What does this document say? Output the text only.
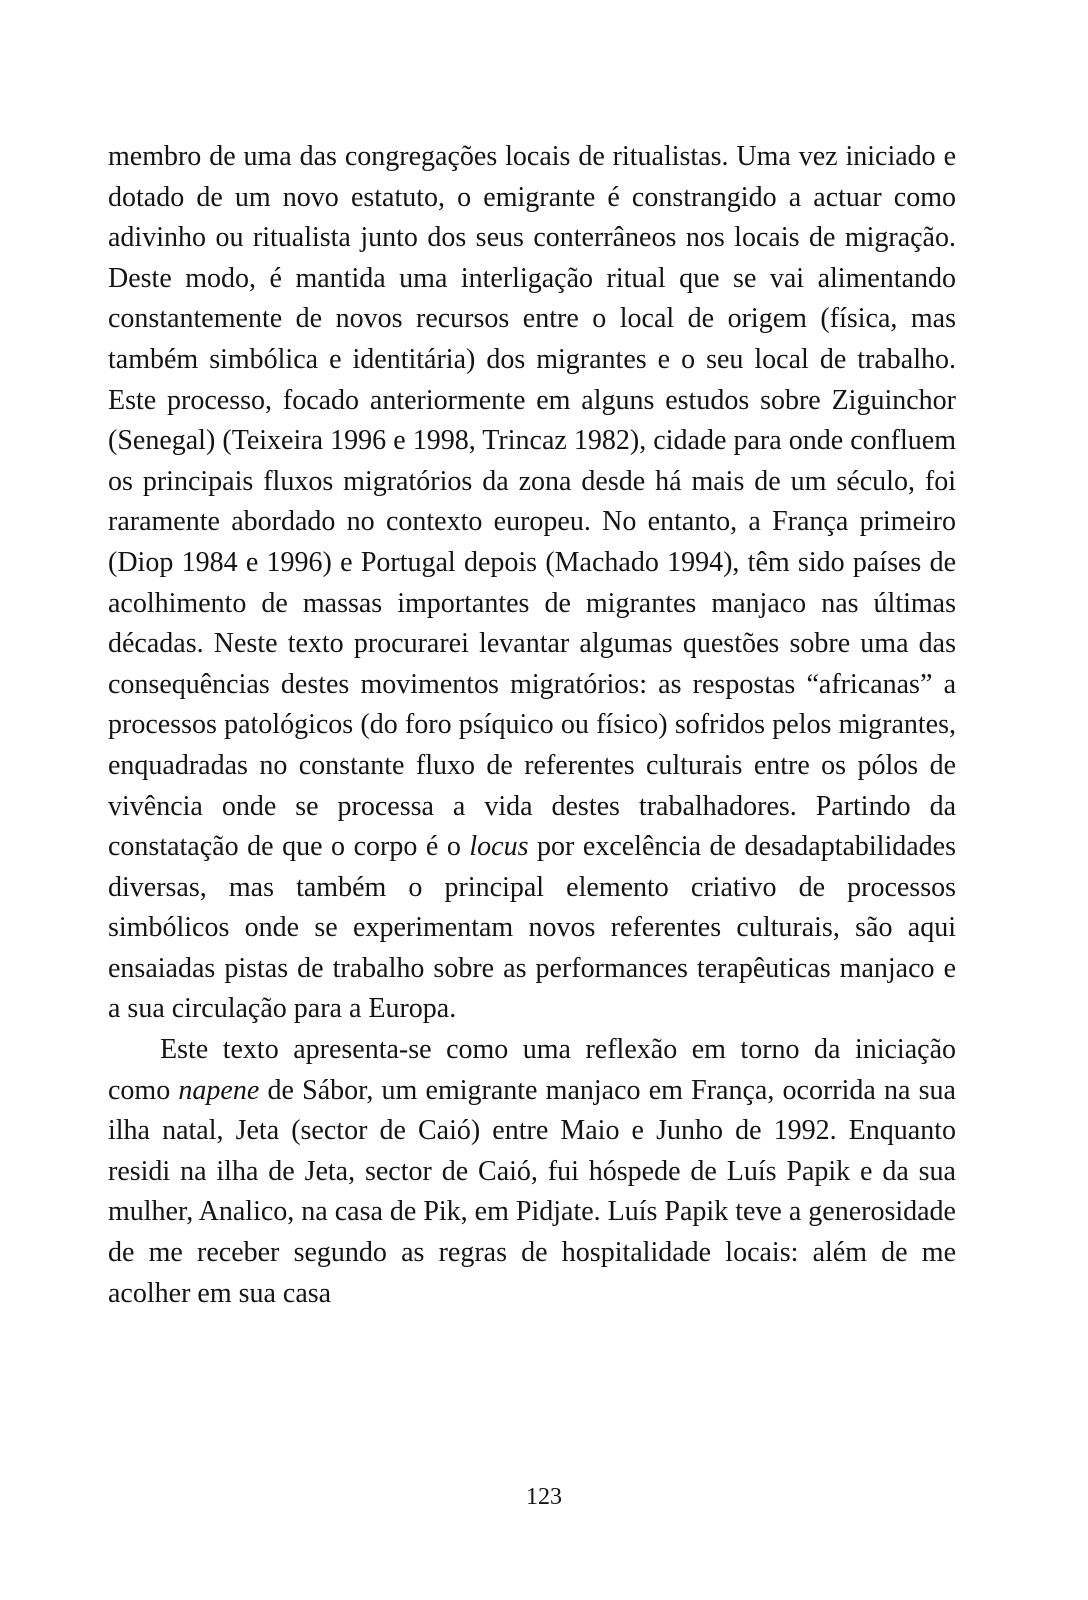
membro de uma das congregações locais de ritualistas. Uma vez iniciado e dotado de um novo estatuto, o emigrante é constrangido a actuar como adivinho ou ritualista junto dos seus conterrâneos nos locais de migração. Deste modo, é mantida uma interligação ritual que se vai alimentando constantemente de novos recursos entre o local de origem (física, mas também simbólica e identitária) dos migrantes e o seu local de trabalho. Este processo, focado anteriormente em alguns estudos sobre Ziguinchor (Senegal) (Teixeira 1996 e 1998, Trincaz 1982), cidade para onde confluem os principais fluxos migratórios da zona desde há mais de um século, foi raramente abordado no contexto europeu. No entanto, a França primeiro (Diop 1984 e 1996) e Portugal depois (Machado 1994), têm sido países de acolhimento de massas importantes de migrantes manjaco nas últimas décadas. Neste texto procurarei levantar algumas questões sobre uma das consequências destes movimentos migratórios: as respostas “africanas” a processos patológicos (do foro psíquico ou físico) sofridos pelos migrantes, enquadradas no constante fluxo de referentes culturais entre os pólos de vivência onde se processa a vida destes trabalhadores. Partindo da constatação de que o corpo é o locus por excelência de desadaptabilidades diversas, mas também o principal elemento criativo de processos simbólicos onde se experimentam novos referentes culturais, são aqui ensaiadas pistas de trabalho sobre as performances terapêuticas manjaco e a sua circulação para a Europa.

Este texto apresenta-se como uma reflexão em torno da iniciação como napene de Sábor, um emigrante manjaco em França, ocorrida na sua ilha natal, Jeta (sector de Caió) entre Maio e Junho de 1992. Enquanto residi na ilha de Jeta, sector de Caió, fui hóspede de Luís Papik e da sua mulher, Analico, na casa de Pik, em Pidjate. Luís Papik teve a generosidade de me receber segundo as regras de hospitalidade locais: além de me acolher em sua casa

123
